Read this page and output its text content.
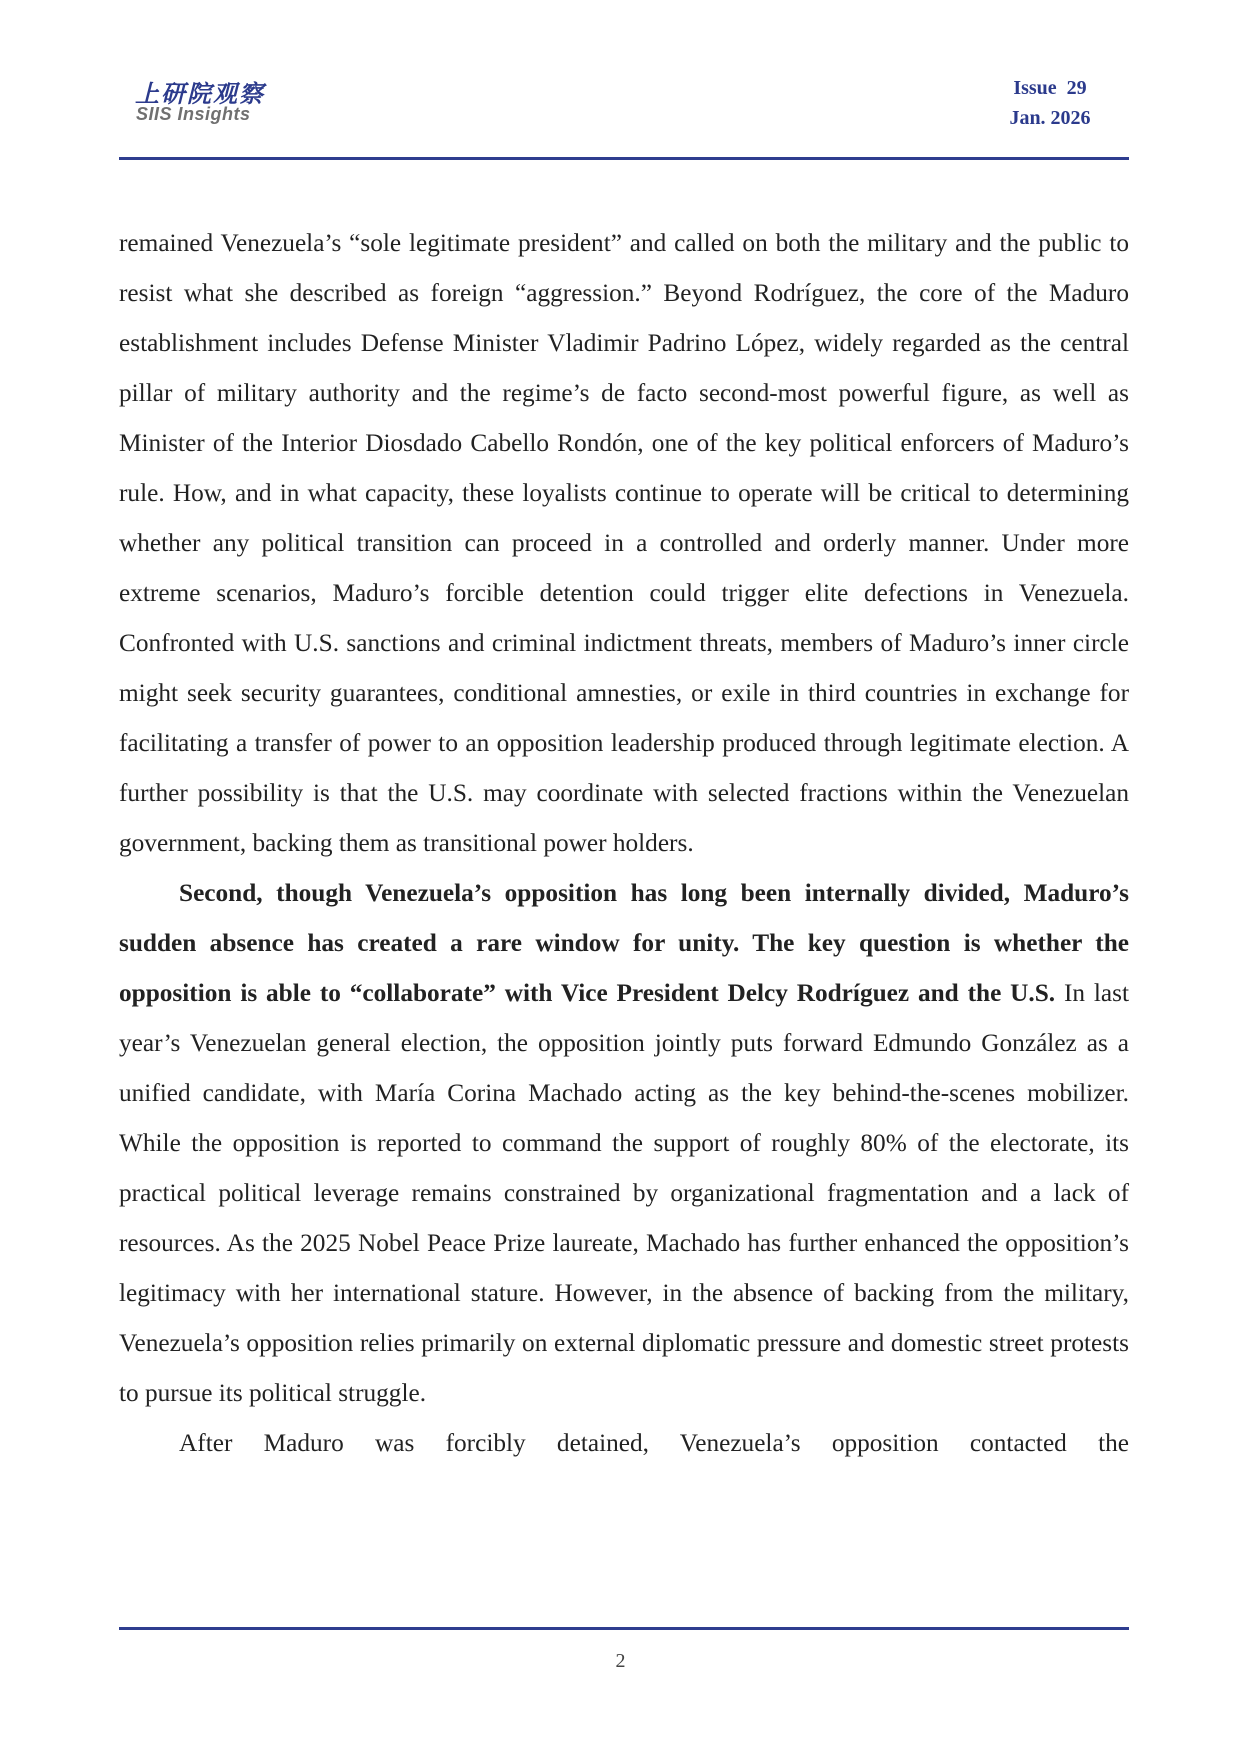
上研院观察
SIIS Insights
Issue  29
Jan. 2026

remained Venezuela’s “sole legitimate president” and called on both the military and the public to resist what she described as foreign “aggression.” Beyond Rodríguez, the core of the Maduro establishment includes Defense Minister Vladimir Padrino López, widely regarded as the central pillar of military authority and the regime’s de facto second-most powerful figure, as well as Minister of the Interior Diosdado Cabello Rondón, one of the key political enforcers of Maduro’s rule. How, and in what capacity, these loyalists continue to operate will be critical to determining whether any political transition can proceed in a controlled and orderly manner. Under more extreme scenarios, Maduro’s forcible detention could trigger elite defections in Venezuela. Confronted with U.S. sanctions and criminal indictment threats, members of Maduro’s inner circle might seek security guarantees, conditional amnesties, or exile in third countries in exchange for facilitating a transfer of power to an opposition leadership produced through legitimate election. A further possibility is that the U.S. may coordinate with selected fractions within the Venezuelan government, backing them as transitional power holders.

Second, though Venezuela’s opposition has long been internally divided, Maduro’s sudden absence has created a rare window for unity. The key question is whether the opposition is able to “collaborate” with Vice President Delcy Rodríguez and the U.S. In last year’s Venezuelan general election, the opposition jointly puts forward Edmundo González as a unified candidate, with María Corina Machado acting as the key behind-the-scenes mobilizer. While the opposition is reported to command the support of roughly 80% of the electorate, its practical political leverage remains constrained by organizational fragmentation and a lack of resources. As the 2025 Nobel Peace Prize laureate, Machado has further enhanced the opposition’s legitimacy with her international stature. However, in the absence of backing from the military, Venezuela’s opposition relies primarily on external diplomatic pressure and domestic street protests to pursue its political struggle.

After Maduro was forcibly detained, Venezuela’s opposition contacted the

2
